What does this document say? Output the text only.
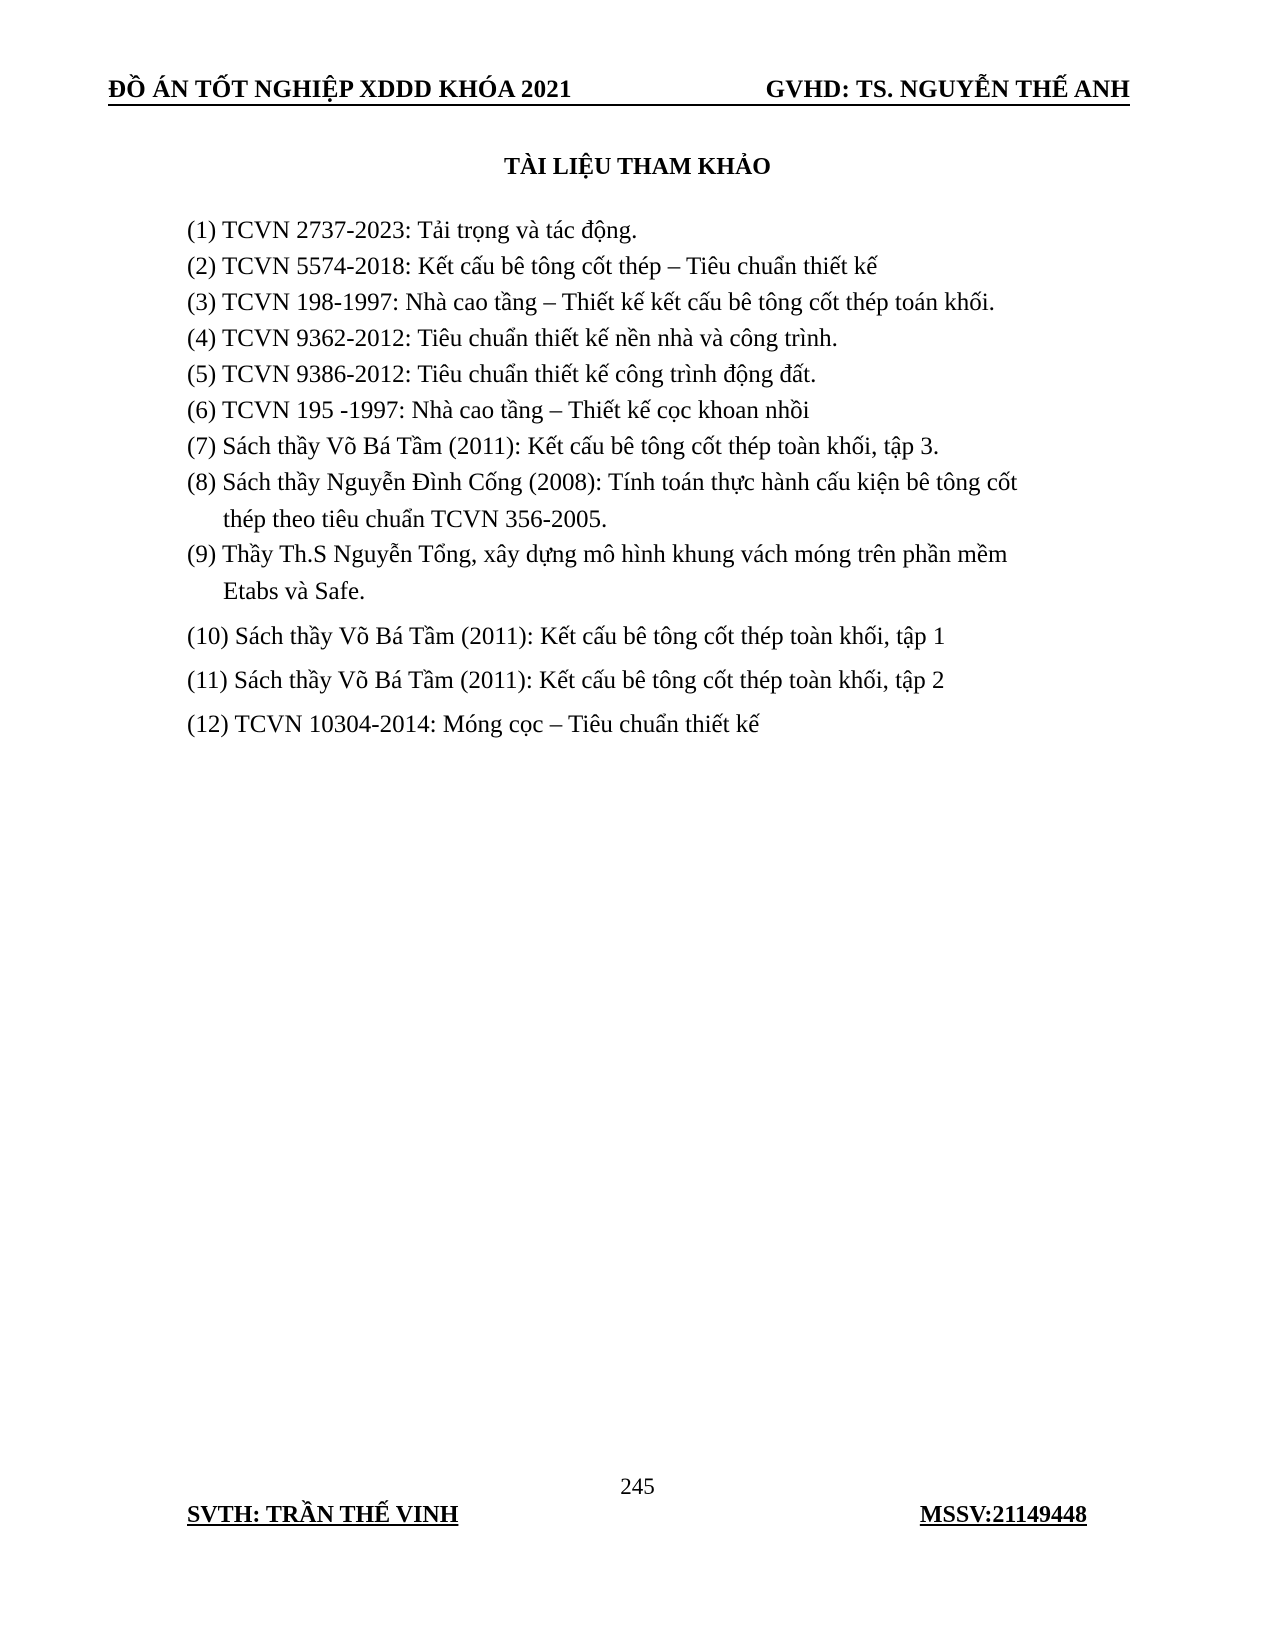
ĐỒ ÁN TỐT NGHIỆP XDDD KHÓA 2021	GVHD: TS. NGUYỄN THẾ ANH
TÀI LIỆU THAM KHẢO
(1) TCVN 2737-2023: Tải trọng và tác động.
(2) TCVN 5574-2018: Kết cấu bê tông cốt thép – Tiêu chuẩn thiết kế
(3) TCVN 198-1997: Nhà cao tầng – Thiết kế kết cấu bê tông cốt thép toán khối.
(4) TCVN 9362-2012: Tiêu chuẩn thiết kế nền nhà và công trình.
(5) TCVN 9386-2012: Tiêu chuẩn thiết kế công trình động đất.
(6) TCVN 195 -1997: Nhà cao tầng – Thiết kế cọc khoan nhồi
(7) Sách thầy Võ Bá Tầm (2011): Kết cấu bê tông cốt thép toàn khối, tập 3.
(8) Sách thầy Nguyễn Đình Cống (2008): Tính toán thực hành cấu kiện bê tông cốt
thép theo tiêu chuẩn TCVN 356-2005.
(9) Thầy Th.S Nguyễn Tổng, xây dựng mô hình khung vách móng trên phần mềm
Etabs và Safe.
(10) Sách thầy Võ Bá Tầm (2011): Kết cấu bê tông cốt thép toàn khối, tập 1
(11) Sách thầy Võ Bá Tầm (2011): Kết cấu bê tông cốt thép toàn khối, tập 2
(12) TCVN 10304-2014: Móng cọc – Tiêu chuẩn thiết kế
245
SVTH: TRẦN THẾ VINH	MSSV:21149448
